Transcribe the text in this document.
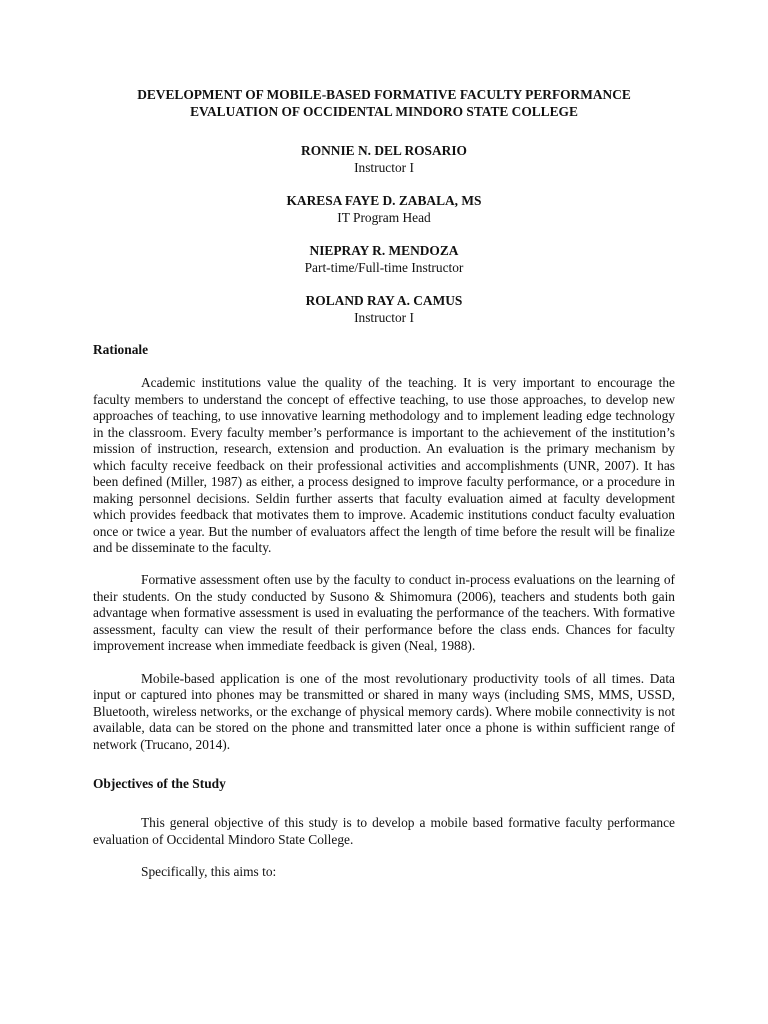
DEVELOPMENT OF MOBILE-BASED FORMATIVE FACULTY PERFORMANCE
EVALUATION OF OCCIDENTAL MINDORO STATE COLLEGE
RONNIE N. DEL ROSARIO
Instructor I
KARESA FAYE D. ZABALA, MS
IT Program Head
NIEPRAY R. MENDOZA
Part-time/Full-time Instructor
ROLAND RAY A. CAMUS
Instructor I

Rationale

Academic institutions value the quality of the teaching. It is very important to encourage the faculty members to understand the concept of effective teaching, to use those approaches, to develop new approaches of teaching, to use innovative learning methodology and to implement leading edge technology in the classroom. Every faculty member’s performance is important to the achievement of the institution’s mission of instruction, research, extension and production. An evaluation is the primary mechanism by which faculty receive feedback on their professional activities and accomplishments (UNR, 2007). It has been defined (Miller, 1987) as either, a process designed to improve faculty performance, or a procedure in making personnel decisions. Seldin further asserts that faculty evaluation aimed at faculty development which provides feedback that motivates them to improve. Academic institutions conduct faculty evaluation once or twice a year. But the number of evaluators affect the length of time before the result will be finalize and be disseminate to the faculty.

Formative assessment often use by the faculty to conduct in-process evaluations on the learning of their students. On the study conducted by Susono & Shimomura (2006), teachers and students both gain advantage when formative assessment is used in evaluating the performance of the teachers. With formative assessment, faculty can view the result of their performance before the class ends. Chances for faculty improvement increase when immediate feedback is given (Neal, 1988).

Mobile-based application is one of the most revolutionary productivity tools of all times. Data input or captured into phones may be transmitted or shared in many ways (including SMS, MMS, USSD, Bluetooth, wireless networks, or the exchange of physical memory cards). Where mobile connectivity is not available, data can be stored on the phone and transmitted later once a phone is within sufficient range of network (Trucano, 2014).

Objectives of the Study

This general objective of this study is to develop a mobile based formative faculty performance evaluation of Occidental Mindoro State College.

Specifically, this aims to:
